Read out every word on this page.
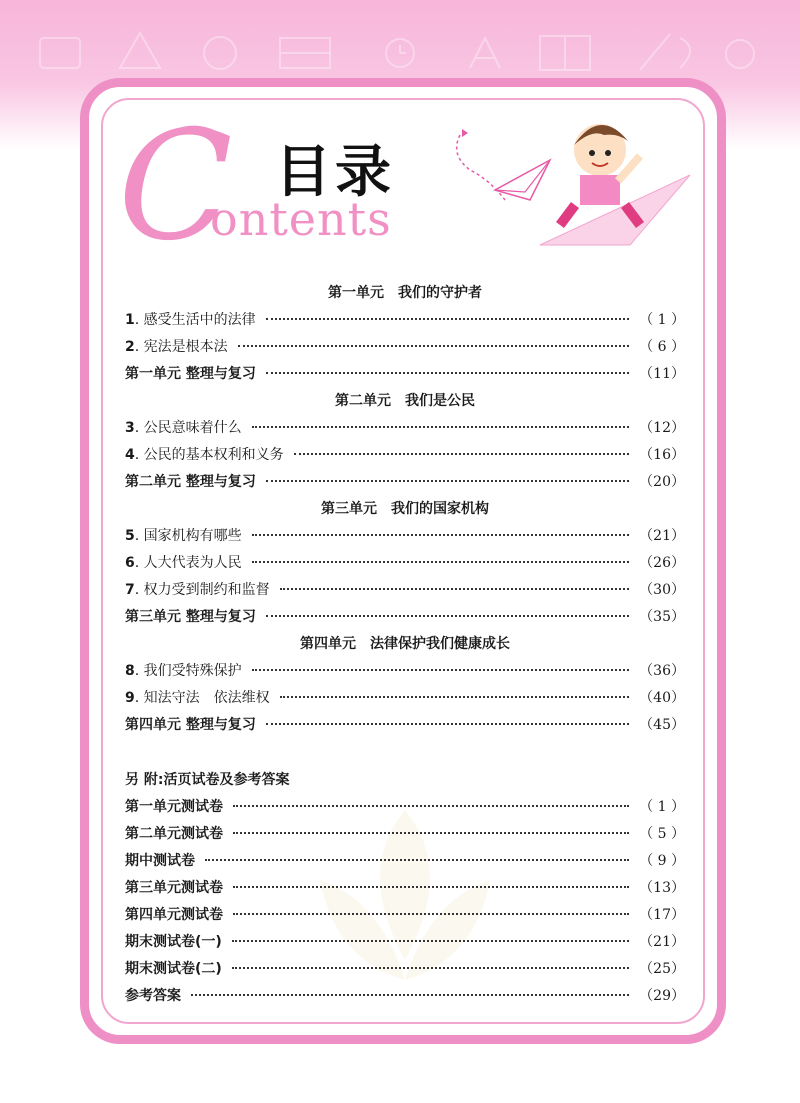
C 目录
ontents
第一单元　我们的守护者
1 . 感受生活中的法律	（ 1 ）
2 . 宪法是根本法	（ 6 ）
第一单元 整理与复习	（11）
第二单元　我们是公民
3 . 公民意味着什么	（12）
4 . 公民的基本权利和义务	（16）
第二单元 整理与复习	（20）
第三单元　我们的国家机构
5 . 国家机构有哪些	（21）
6 . 人大代表为人民	（26）
7 . 权力受到制约和监督	（30）
第三单元 整理与复习	（35）
第四单元　法律保护我们健康成长
8 . 我们受特殊保护	（36）
9 . 知法守法　依法维权	（40）
第四单元 整理与复习	（45）
另 附:活页试卷及参考答案
第一单元测试卷	（ 1 ）
第二单元测试卷	（ 5 ）
期中测试卷	（ 9 ）
第三单元测试卷	（13）
第四单元测试卷	（17）
期末测试卷(一)	（21）
期末测试卷(二)	（25）
参考答案	（29）
